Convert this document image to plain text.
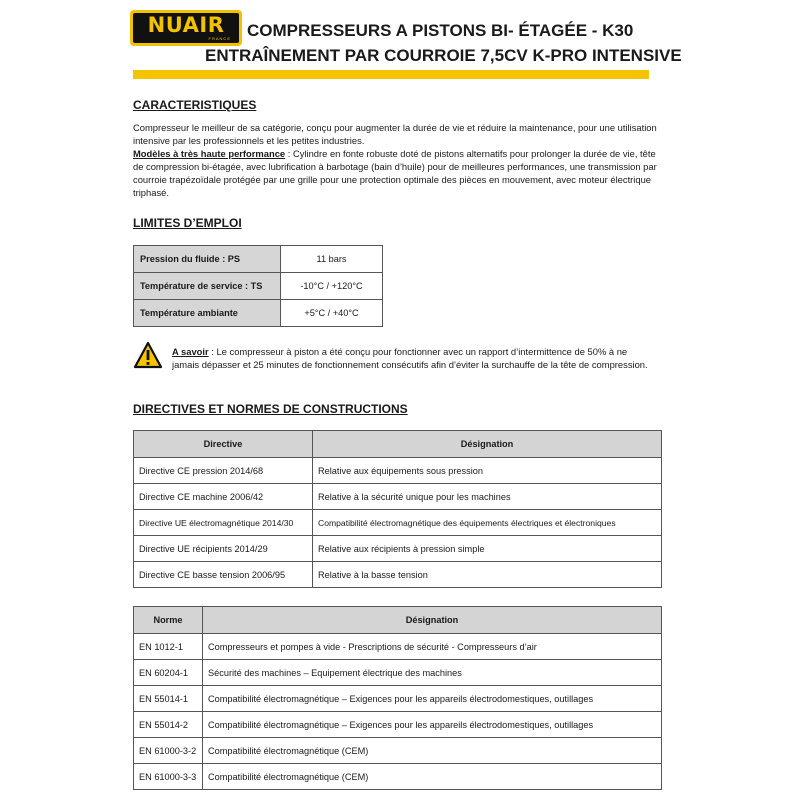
NUAIR
FRANCE COMPRESSEURS A PISTONS BI- ÉTAGÉE - K30
ENTRAÎNEMENT PAR COURROIE 7,5CV K-PRO INTENSIVE
CARACTERISTIQUES
Compresseur le meilleur de sa catégorie, conçu pour augmenter la durée de vie et réduire la maintenance, pour une utilisation intensive par les professionnels et les petites industries.
Modèles à très haute performance : Cylindre en fonte robuste doté de pistons alternatifs pour prolonger la durée de vie, tête de compression bi-étagée, avec lubrification à barbotage (bain d’huile) pour de meilleures performances, une transmission par courroie trapézoïdale protégée par une grille pour une protection optimale des pièces en mouvement, avec moteur électrique triphasé.
LIMITES D’EMPLOI
Pression du fluide : PS	11 bars
Température de service : TS	-10°C / +120°C
Température ambiante	+5°C / +40°C
A savoir : Le compresseur à piston a été conçu pour fonctionner avec un rapport d’intermittence de 50% à ne jamais dépasser et 25 minutes de fonctionnement consécutifs afin d’éviter la surchauffe de la tête de compression.
DIRECTIVES ET NORMES DE CONSTRUCTIONS
Directive	Désignation
Directive CE pression 2014/68	Relative aux équipements sous pression
Directive CE machine 2006/42	Relative à la sécurité unique pour les machines
Directive UE électromagnétique 2014/30	Compatibilité électromagnétique des équipements électriques et électroniques
Directive UE récipients 2014/29	Relative aux récipients à pression simple
Directive CE basse tension 2006/95	Relative à la basse tension
Norme	Désignation
EN 1012-1	Compresseurs et pompes à vide - Prescriptions de sécurité - Compresseurs d’air
EN 60204-1	Sécurité des machines – Equipement électrique des machines
EN 55014-1	Compatibilité électromagnétique – Exigences pour les appareils électrodomestiques, outillages
EN 55014-2	Compatibilité électromagnétique – Exigences pour les appareils électrodomestiques, outillages
EN 61000-3-2	Compatibilité électromagnétique (CEM)
EN 61000-3-3	Compatibilité électromagnétique (CEM)
